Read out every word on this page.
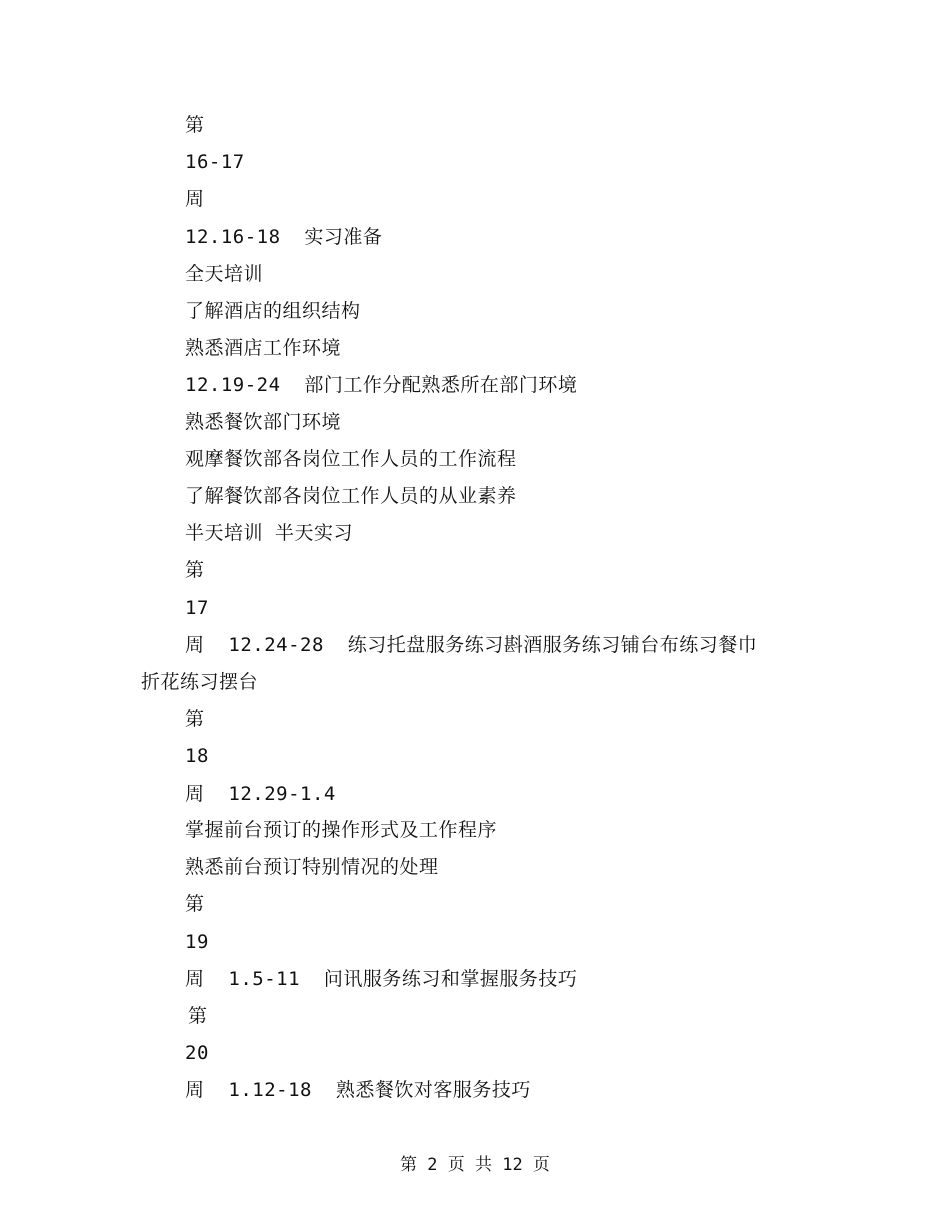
第
16-17
周
12.16-18  实习准备
全天培训
了解酒店的组织结构
熟悉酒店工作环境
12.19-24  部门工作分配熟悉所在部门环境
熟悉餐饮部门环境
观摩餐饮部各岗位工作人员的工作流程
了解餐饮部各岗位工作人员的从业素养
半天培训 半天实习
第
17
周  12.24-28  练习托盘服务练习斟酒服务练习铺台布练习餐巾
折花练习摆台
第
18
周  12.29-1.4
掌握前台预订的操作形式及工作程序
熟悉前台预订特别情况的处理
第
19
周  1.5-11  问讯服务练习和掌握服务技巧
第
20
周  1.12-18  熟悉餐饮对客服务技巧
第 2 页 共 12 页
